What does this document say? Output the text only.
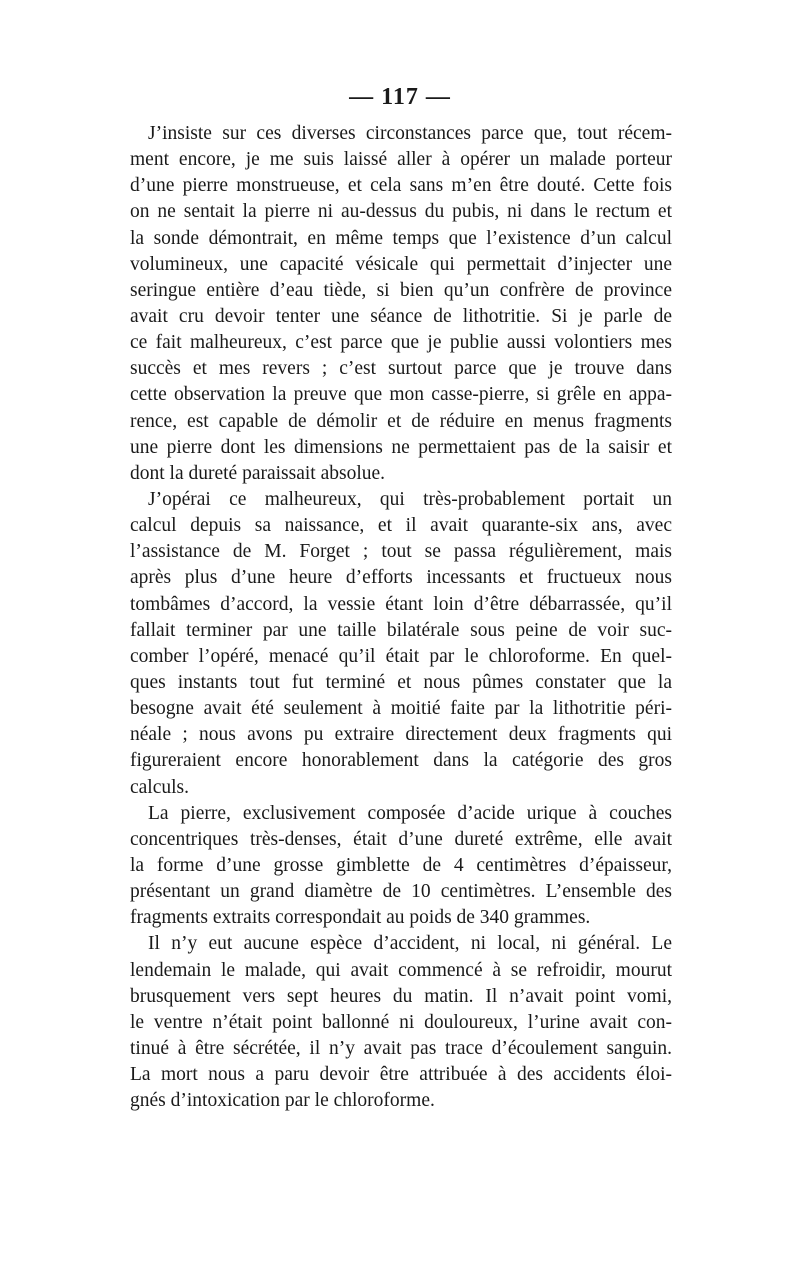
— 117 —
J’insiste sur ces diverses circonstances parce que, tout récem-
ment encore, je me suis laissé aller à opérer un malade porteur
d’une pierre monstrueuse, et cela sans m’en être douté. Cette fois
on ne sentait la pierre ni au-dessus du pubis, ni dans le rectum et
la sonde démontrait, en même temps que l’existence d’un calcul
volumineux, une capacité vésicale qui permettait d’injecter une
seringue entière d’eau tiède, si bien qu’un confrère de province
avait cru devoir tenter une séance de lithotritie. Si je parle de
ce fait malheureux, c’est parce que je publie aussi volontiers mes
succès et mes revers ; c’est surtout parce que je trouve dans
cette observation la preuve que mon casse-pierre, si grêle en appa-
rence, est capable de démolir et de réduire en menus fragments
une pierre dont les dimensions ne permettaient pas de la saisir et
dont la dureté paraissait absolue.
J’opérai ce malheureux, qui très-probablement portait un
calcul depuis sa naissance, et il avait quarante-six ans, avec
l’assistance de M. Forget ; tout se passa régulièrement, mais
après plus d’une heure d’efforts incessants et fructueux nous
tombâmes d’accord, la vessie étant loin d’être débarrassée, qu’il
fallait terminer par une taille bilatérale sous peine de voir suc-
comber l’opéré, menacé qu’il était par le chloroforme. En quel-
ques instants tout fut terminé et nous pûmes constater que la
besogne avait été seulement à moitié faite par la lithotritie péri-
néale ; nous avons pu extraire directement deux fragments qui
figureraient encore honorablement dans la catégorie des gros
calculs.
La pierre, exclusivement composée d’acide urique à couches
concentriques très-denses, était d’une dureté extrême, elle avait
la forme d’une grosse gimblette de 4 centimètres d’épaisseur,
présentant un grand diamètre de 10 centimètres. L’ensemble des
fragments extraits correspondait au poids de 340 grammes.
Il n’y eut aucune espèce d’accident, ni local, ni général. Le
lendemain le malade, qui avait commencé à se refroidir, mourut
brusquement vers sept heures du matin. Il n’avait point vomi,
le ventre n’était point ballonné ni douloureux, l’urine avait con-
tinué à être sécrétée, il n’y avait pas trace d’écoulement sanguin.
La mort nous a paru devoir être attribuée à des accidents éloi-
gnés d’intoxication par le chloroforme.
